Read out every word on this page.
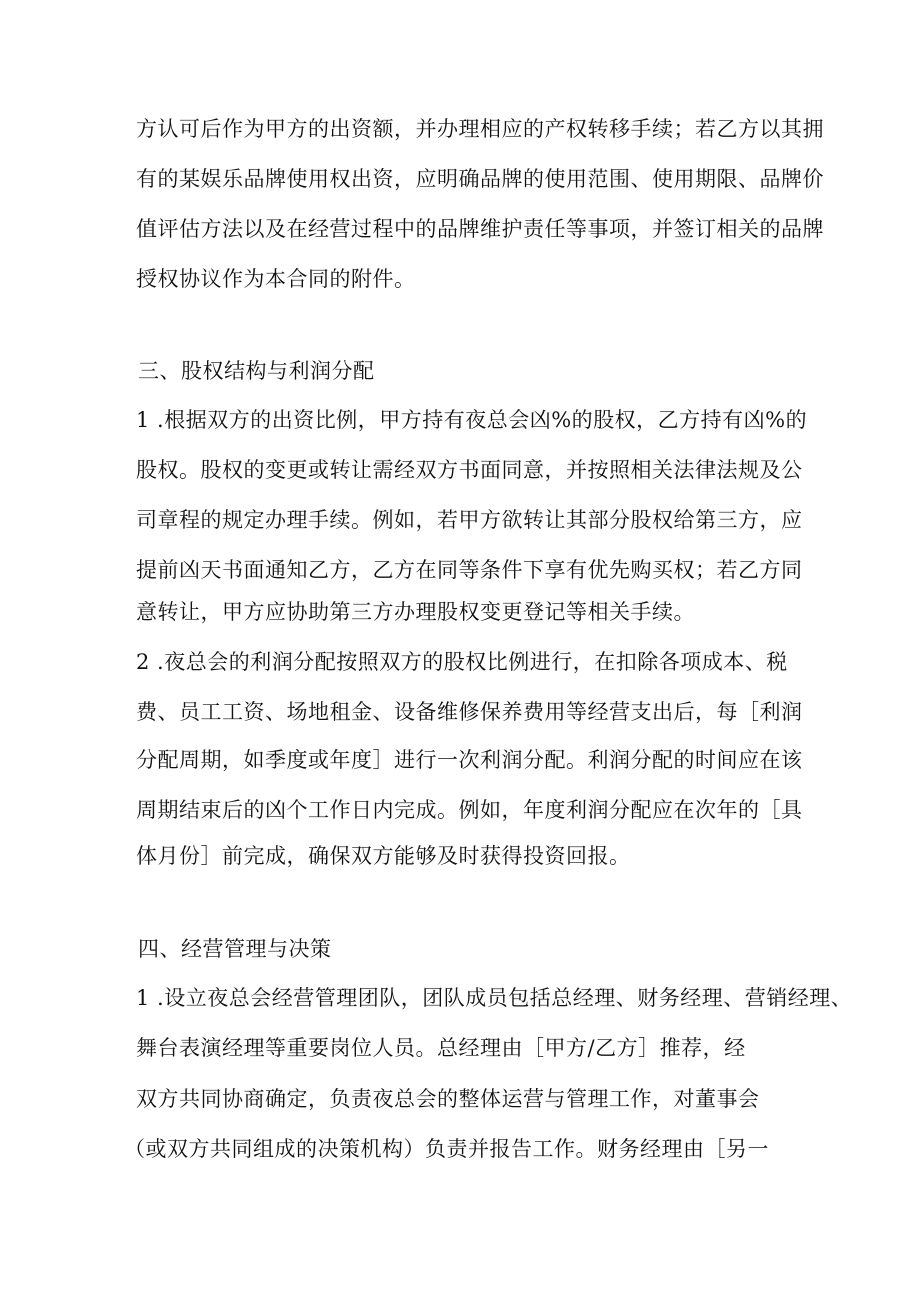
方认可后作为甲方的出资额，并办理相应的产权转移手续；若乙方以其拥
有的某娱乐品牌使用权出资，应明确品牌的使用范围、使用期限、品牌价
值评估方法以及在经营过程中的品牌维护责任等事项，并签订相关的品牌
授权协议作为本合同的附件。
三、股权结构与利润分配
1 .根据双方的出资比例，甲方持有夜总会凶%的股权，乙方持有凶%的
股权。股权的变更或转让需经双方书面同意，并按照相关法律法规及公
司章程的规定办理手续。例如，若甲方欲转让其部分股权给第三方，应
提前凶天书面通知乙方，乙方在同等条件下享有优先购买权；若乙方同
意转让，甲方应协助第三方办理股权变更登记等相关手续。
2 .夜总会的利润分配按照双方的股权比例进行，在扣除各项成本、税
费、员工工资、场地租金、设备维修保养费用等经营支出后，每［利润
分配周期，如季度或年度］进行一次利润分配。利润分配的时间应在该
周期结束后的凶个工作日内完成。例如，年度利润分配应在次年的［具
体月份］前完成，确保双方能够及时获得投资回报。
四、经营管理与决策
1 .设立夜总会经营管理团队，团队成员包括总经理、财务经理、营销经理、
舞台表演经理等重要岗位人员。总经理由［甲方/乙方］推荐，经
双方共同协商确定，负责夜总会的整体运营与管理工作，对董事会
（或双方共同组成的决策机构）负责并报告工作。财务经理由［另一
